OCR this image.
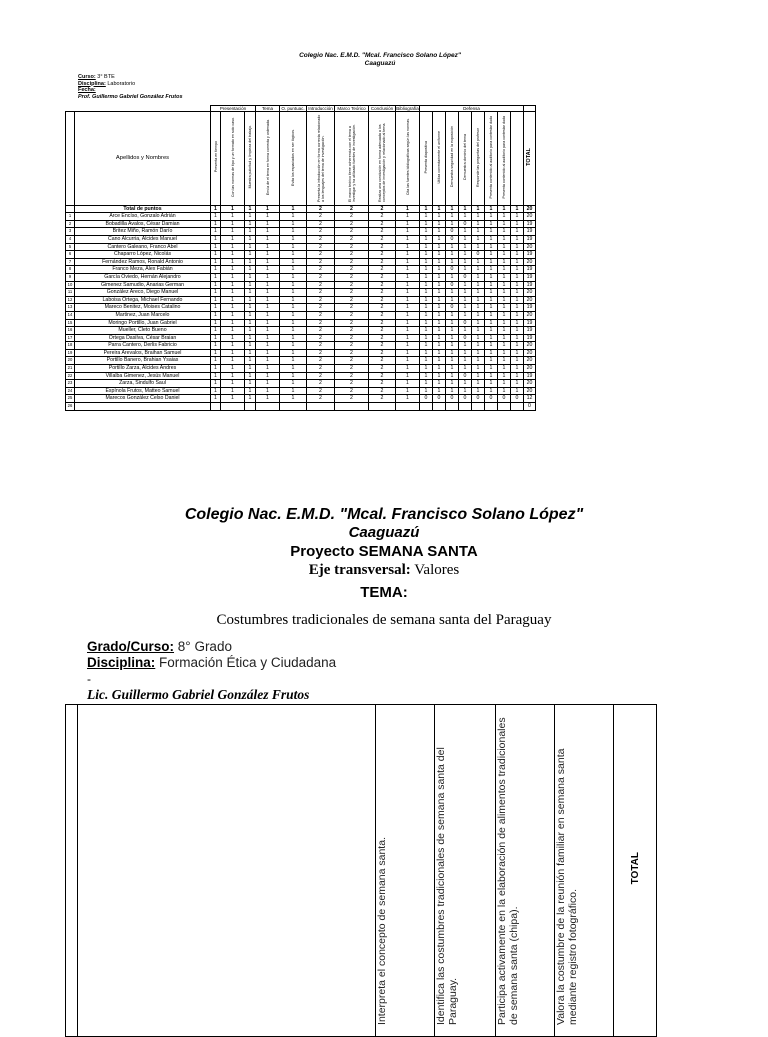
Colegio Nac. E.M.D. "Mcal. Francisco Solano López"
Caaguazú
Curso: 3° BTE
Disciplina: Laboratorio
Fecha:
Prof. Guillermo Gabriel González Frutos
		Presentación			Tema	O. puntuac.	Introducción	Marco Teórico	Conclusión	Bibliografía	Defensa								
	Apellidos y Nombres	Presenta en tiempo	Con las normas de tipo y un formato en solo caso.	Muestra pulcritud y limpieza del trabajo.	Envía de el tema en forma correcta y ordenada.	Evita los espaciados en ser lógicos.	Presenta la introducción en forma correcta relacionado a los lenguajes del tema de investigación.	El marco teórico tiene coherencia con el tema a investigar y ha utilizado fuentes de investigación.	Realiza una conclusión en forma adecuada a los conceptos de investigación y relacionado al tema.	Cita las fuentes bibliográficas según las normas.	Presenta diapositiva	Utiliza correctamente el uniforme	Demuestra seguridad en la exposición	Demuestra dominio del tema	Responde las preguntas del profesor	Presenta contenido al auditorio para contestar duda	Presenta contenido al auditorio para contestar duda		TOTAL
	Total de puntos	1	1	1	1	1	2	2	2	1	1	1	1	1	1	1	1	1	20
1	Arce Encíso, Gonzalo Adrián	1	1	1	1	1	2	2	2	1	1	1	1	1	1	1	1	1	20
2	Bobadilla Avalos, César Damian	1	1	1	1	1	2	2	2	1	1	1	1	0	1	1	1	1	19
3	Britez Miño, Ramón Darío	1	1	1	1	1	2	2	2	1	1	1	0	1	1	1	1	1	19
4	Cano Alcurria, Alcides Manuel	1	1	1	1	1	2	2	2	1	1	1	0	1	1	1	1	1	19
5	Cantero Galeano, Franco Abel	1	1	1	1	1	2	2	2	1	1	1	1	1	1	1	1	1	20
6	Chaparro López, Nicolás	1	1	1	1	1	2	2	2	1	1	1	1	1	0	1	1	1	19
7	Fernández Ramos, Ronald Antonio	1	1	1	1	1	2	2	2	1	1	1	1	1	1	1	1	1	20
8	Franco Meza, Alex Fabián	1	1	1	1	1	2	2	2	1	1	1	0	1	1	1	1	1	19
9	García Oviedo, Hernán Alejandro	1	1	1	1	1	2	2	2	1	1	1	1	0	1	1	1	1	19
10	Gimenez Samudio, Anarias German	1	1	1	1	1	2	2	2	1	1	1	0	1	1	1	1	1	19
11	González Areco, Diego Manuel	1	1	1	1	1	2	2	2	1	1	1	1	1	1	1	1	1	20
12	Laboisa Ortega, Michael Fernando	1	1	1	1	1	2	2	2	1	1	1	1	1	1	1	1	1	20
13	Mareco Benitez, Moises Catalino	1	1	1	1	1	2	2	2	1	1	1	0	1	1	1	1	1	19
14	Martinez, Juan Marcelo	1	1	1	1	1	2	2	2	1	1	1	1	1	1	1	1	1	20
15	Moringo Portillo, Juan Gabriel	1	1	1	1	1	2	2	2	1	1	1	1	0	1	1	1	1	19
16	Mueller, Cleto Bueno	1	1	1	1	1	2	2	2	1	1	1	1	1	1	1	1	1	19
17	Ortega Dasilva, César Braian	1	1	1	1	1	2	2	2	1	1	1	1	0	1	1	1	1	19
18	Parra Cantero, Derlis Fabricio	1	1	1	1	1	2	2	2	1	1	1	1	1	1	1	1	1	20
19	Pereira Arevalos, Braihan Samuel	1	1	1	1	1	2	2	2	1	1	1	1	1	1	1	1	1	20
20	Portillo Banero, Brahian Ysaias	1	1	1	1	1	2	2	2	1	1	1	1	1	1	1	1	1	20
21	Portillo Zarza, Alcides Andres	1	1	1	1	1	2	2	2	1	1	1	1	1	1	1	1	1	20
22	Villalba Gimenez, Jesús Manuel	1	1	1	1	1	2	2	2	1	1	1	1	0	1	1	1	1	19
23	Zarza, Sindulfo Saul	1	1	1	1	1	2	2	2	1	1	1	1	1	1	1	1	1	20
24	Espínola Frutos, Matteo Samuel	1	1	1	1	1	2	2	2	1	1	1	1	1	1	1	1	1	20
25	Marecos González Celso Daniel	1	1	1	1	1	2	2	2	1	0	0	0	0	0	0	0	0	12
26																			0
Colegio Nac. E.M.D. "Mcal. Francisco Solano López"
Caaguazú
Proyecto SEMANA SANTA
Eje transversal: Valores
TEMA:
Costumbres tradicionales de semana santa del Paraguay
Grado/Curso: 8° Grado
Disciplina: Formación Ética y Ciudadana
-
Lic. Guillermo Gabriel González Frutos
		Interpreta el concepto de semana santa.	Identifica las costumbres tradicionales de semana santa del Paraguay.	Participa activamente en la elaboración de alimentos tradicionales de semana santa (chipa).	Valora la costumbre de la reunión familiar en semana santa mediante registro fotográfico.	TOTAL
